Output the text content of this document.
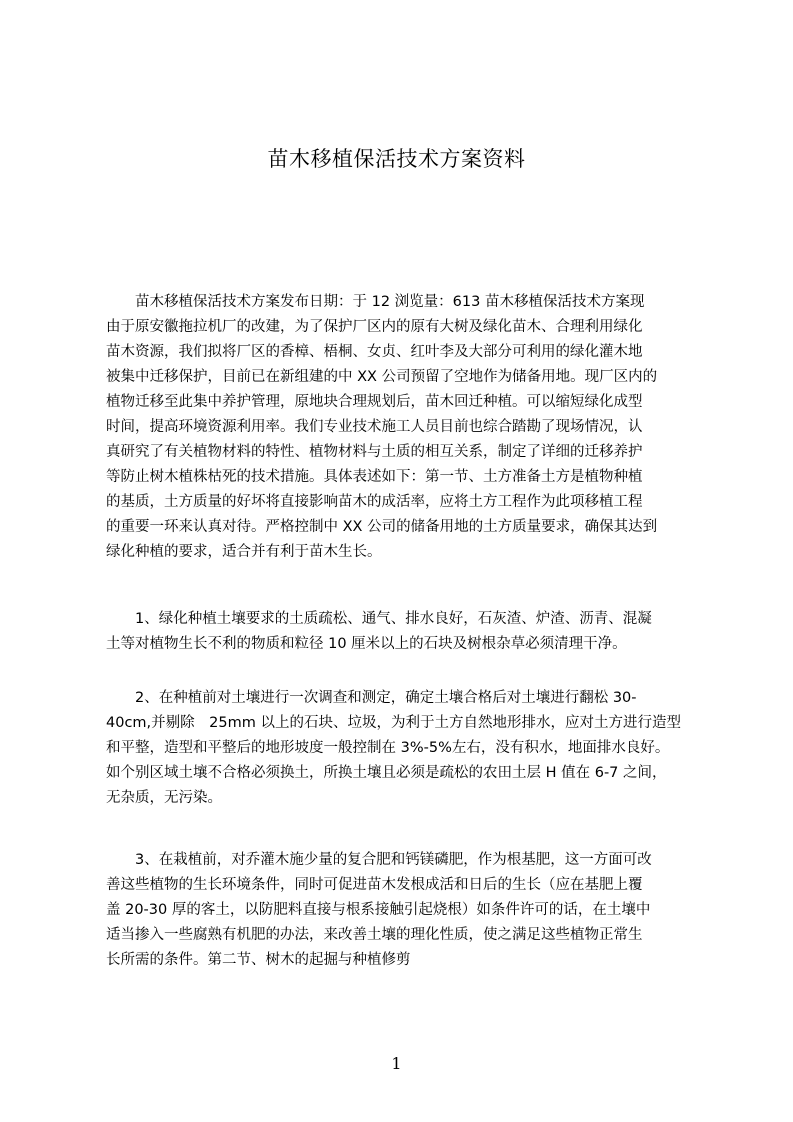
苗木移植保活技术方案资料
　　苗木移植保活技术方案发布日期：于 12 浏览量：613 苗木移植保活技术方案现
由于原安徽拖拉机厂的改建，为了保护厂区内的原有大树及绿化苗木、合理利用绿化
苗木资源，我们拟将厂区的香樟、梧桐、女贞、红叶李及大部分可利用的绿化灌木地
被集中迁移保护，目前已在新组建的中 XX 公司预留了空地作为储备用地。现厂区内的
植物迁移至此集中养护管理，原地块合理规划后，苗木回迁种植。可以缩短绿化成型
时间，提高环境资源利用率。我们专业技术施工人员目前也综合踏勘了现场情况，认
真研究了有关植物材料的特性、植物材料与土质的相互关系，制定了详细的迁移养护
等防止树木植株枯死的技术措施。具体表述如下：第一节、土方准备土方是植物种植
的基质，土方质量的好坏将直接影响苗木的成活率，应将土方工程作为此项移植工程
的重要一环来认真对待。严格控制中 XX 公司的储备用地的土方质量要求，确保其达到
绿化种植的要求，适合并有利于苗木生长。
　　1、绿化种植土壤要求的土质疏松、通气、排水良好，石灰渣、炉渣、沥青、混凝
土等对植物生长不利的物质和粒径 10 厘米以上的石块及树根杂草必须清理干净。
　　2、在种植前对土壤进行一次调查和测定，确定土壤合格后对土壤进行翻松 30-
40cm,并剔除　25mm 以上的石块、垃圾，为利于土方自然地形排水，应对土方进行造型
和平整，造型和平整后的地形坡度一般控制在 3%-5%左右，没有积水，地面排水良好。
如个别区域土壤不合格必须换土，所换土壤且必须是疏松的农田土层 H 值在 6-7 之间，
无杂质，无污染。
　　3、在栽植前，对乔灌木施少量的复合肥和钙镁磷肥，作为根基肥，这一方面可改
善这些植物的生长环境条件，同时可促进苗木发根成活和日后的生长（应在基肥上覆
盖 20-30 厚的客土，以防肥料直接与根系接触引起烧根）如条件许可的话，在土壤中
适当掺入一些腐熟有机肥的办法，来改善土壤的理化性质，使之满足这些植物正常生
长所需的条件。第二节、树木的起掘与种植修剪
1
